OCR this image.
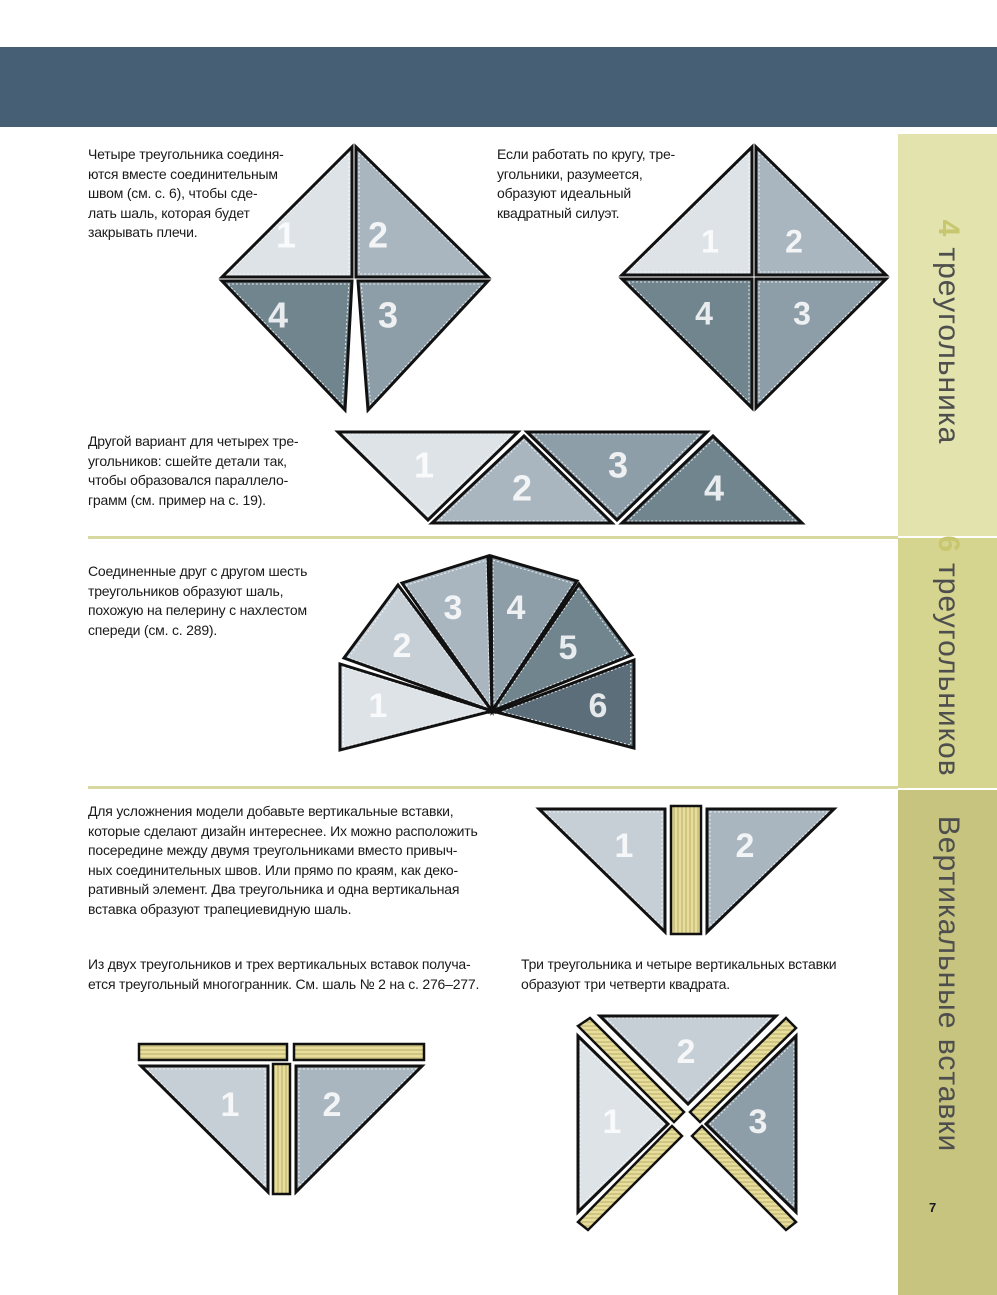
4треугольника
6треугольников
Вертикальные вставки

Четыре треугольника соединя-
ются вместе соединительным
швом (см. с. 6), чтобы сде-
лать шаль, которая будет
закрывать плечи.

Если работать по кругу, тре-
угольники, разумеется,
образуют идеальный
квадратный силуэт.

Другой вариант для четырех тре-
угольников: сшейте детали так,
чтобы образовался параллело-
грамм (см. пример на с. 19).

Соединенные друг с другом шесть
треугольников образуют шаль,
похожую на пелерину с нахлестом
спереди (см. с. 289).

Для усложнения модели добавьте вертикальные вставки,
которые сделают дизайн интереснее. Их можно расположить
посередине между двумя треугольниками вместо привыч-
ных соединительных швов. Или прямо по краям, как деко-
ративный элемент. Два треугольника и одна вертикальная
вставка образуют трапециевидную шаль.

Из двух треугольников и трех вертикальных вставок получа-
ется треугольный многогранник. См. шаль № 2 на с. 276–277.

Три треугольника и четыре вертикальных вставки
образуют три четверти квадрата.

7
1 2
3
4
1 2
3
4
1
2
3
4
1
2
3 4
5
6
1	2
1 2
2
1	3
